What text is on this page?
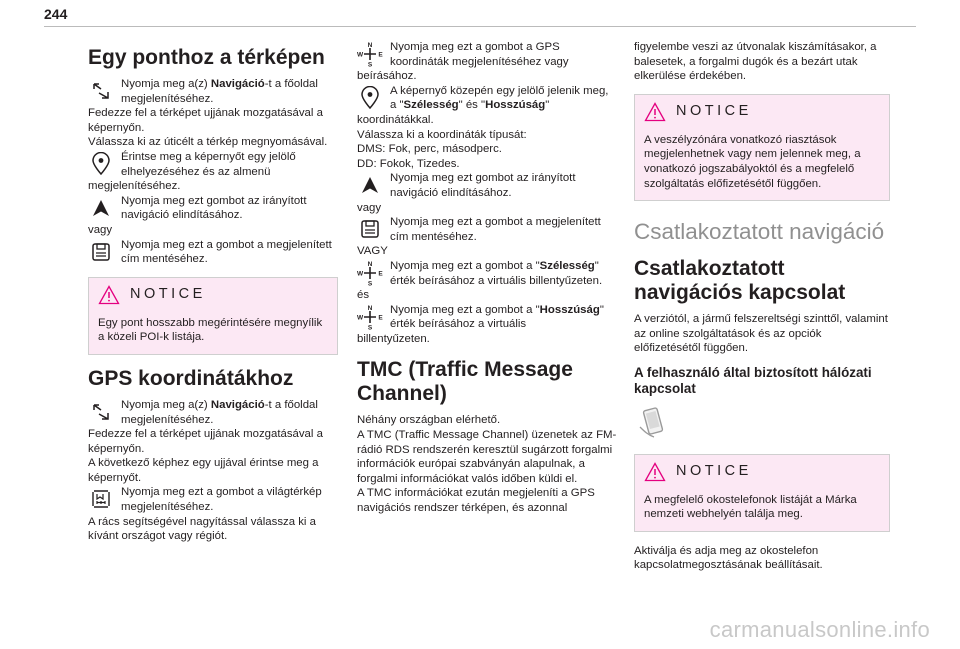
244
Egy ponthoz a térképen

Nyomja meg a(z) Navigáció-t a főoldal megjelenítéséhez.

Fedezze fel a térképet ujjának mozgatásával a képernyőn.

Válassza ki az úticélt a térkép megnyomásával.

Érintse meg a képernyőt egy jelölő elhelyezéséhez és az almenü

megjelenítéséhez.

Nyomja meg ezt gombot az irányított navigáció elindításához.

vagy

Nyomja meg ezt a gombot a megjelenített cím mentéséhez.

NOTICE

Egy pont hosszabb megérintésére megnyílik a közeli POI-k listája.

GPS koordinátákhoz

Nyomja meg a(z) Navigáció-t a főoldal megjelenítéséhez.

Fedezze fel a térképet ujjának mozgatásával a képernyőn.

A következő képhez egy ujjával érintse meg a képernyőt.

Nyomja meg ezt a gombot a világtérkép megjelenítéséhez.

A rács segítségével nagyítással válassza ki a kívánt országot vagy régiót.

N
S
W E

Nyomja meg ezt a gombot a GPS koordináták megjelenítéséhez vagy

beírásához.

A képernyő közepén egy jelölő jelenik meg, a "Szélesség" és "Hosszúság"

koordinátákkal.

Válassza ki a koordináták típusát:

DMS: Fok, perc, másodperc.

DD: Fokok, Tizedes.

Nyomja meg ezt gombot az irányított navigáció elindításához.

vagy

Nyomja meg ezt a gombot a megjelenített cím mentéséhez.

VAGY

N
S
W E

Nyomja meg ezt a gombot a "Szélesség" érték beírásához a virtuális billentyűzeten.

és

N
S
W E

Nyomja meg ezt a gombot a "Hosszúság" érték beírásához a virtuális

billentyűzeten.

TMC (Traffic Message Channel)

Néhány országban elérhető.

A TMC (Traffic Message Channel) üzenetek az FM-rádió RDS rendszerén keresztül sugárzott forgalmi információk európai szabványán alapulnak, a forgalmi információkat valós időben küldi el.

A TMC információkat ezután megjeleníti a GPS navigációs rendszer térképen, és azonnal

figyelembe veszi az útvonalak kiszámításakor, a balesetek, a forgalmi dugók és a bezárt utak elkerülése érdekében.

NOTICE

A veszélyzónára vonatkozó riasztások megjelenhetnek vagy nem jelennek meg, a vonatkozó jogszabályoktól és a megfelelő szolgáltatás előfizetésétől függően.

Csatlakoztatott navigáció
Csatlakoztatott navigációs kapcsolat

A verziótól, a jármű felszereltségi szinttől, valamint az online szolgáltatások és az opciók előfizetésétől függően.

A felhasználó által biztosított hálózati kapcsolat
NOTICE

A megfelelő okostelefonok listáját a Márka nemzeti webhelyén találja meg.

Aktiválja és adja meg az okostelefon kapcsolatmegosztásának beállításait.

carmanualsonline.info
